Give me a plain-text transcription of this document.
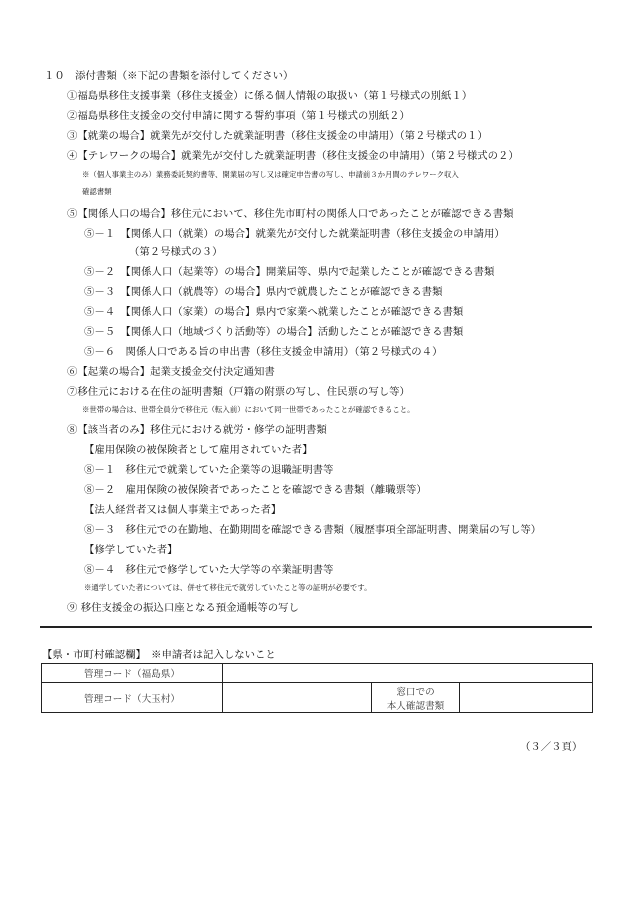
１０　添付書類（※下記の書類を添付してください）
①福島県移住支援事業（移住支援金）に係る個人情報の取扱い（第１号様式の別紙１）
②福島県移住支援金の交付申請に関する誓約事項（第１号様式の別紙２）
③【就業の場合】就業先が交付した就業証明書（移住支援金の申請用）（第２号様式の１）
④【テレワークの場合】就業先が交付した就業証明書（移住支援金の申請用）（第２号様式の２）
※（個人事業主のみ）業務委託契約書等、開業届の写し又は確定申告書の写し、申請前３か月間のテレワーク収入
確認書類
⑤【関係人口の場合】移住元において、移住先市町村の関係人口であったことが確認できる書類
⑤－１　【関係人口（就業）の場合】就業先が交付した就業証明書（移住支援金の申請用）
（第２号様式の３）
⑤－２　【関係人口（起業等）の場合】開業届等、県内で起業したことが確認できる書類
⑤－３　【関係人口（就農等）の場合】県内で就農したことが確認できる書類
⑤－４　【関係人口（家業）の場合】県内で家業へ就業したことが確認できる書類
⑤－５　【関係人口（地域づくり活動等）の場合】活動したことが確認できる書類
⑤－６　関係人口である旨の申出書（移住支援金申請用）（第２号様式の４）
⑥【起業の場合】起業支援金交付決定通知書
⑦移住元における在住の証明書類（戸籍の附票の写し、住民票の写し等）
※世帯の場合は、世帯全員分で移住元（転入前）において同一世帯であったことが確認できること。
⑧【該当者のみ】移住元における就労・修学の証明書類
【雇用保険の被保険者として雇用されていた者】
⑧－１　移住元で就業していた企業等の退職証明書等
⑧－２　雇用保険の被保険者であったことを確認できる書類（離職票等）
【法人経営者又は個人事業主であった者】
⑧－３　移住元での在勤地、在勤期間を確認できる書類（履歴事項全部証明書、開業届の写し等）
【修学していた者】
⑧－４　移住元で修学していた大学等の卒業証明書等
※通学していた者については、併せて移住元で就労していたこと等の証明が必要です。
⑨ 移住支援金の振込口座となる預金通帳等の写し
【県・市町村確認欄】　※申請者は記入しないこと
管理コード（福島県）			
管理コード（大玉村）		窓口での
本人確認書類	
（３／３頁）
